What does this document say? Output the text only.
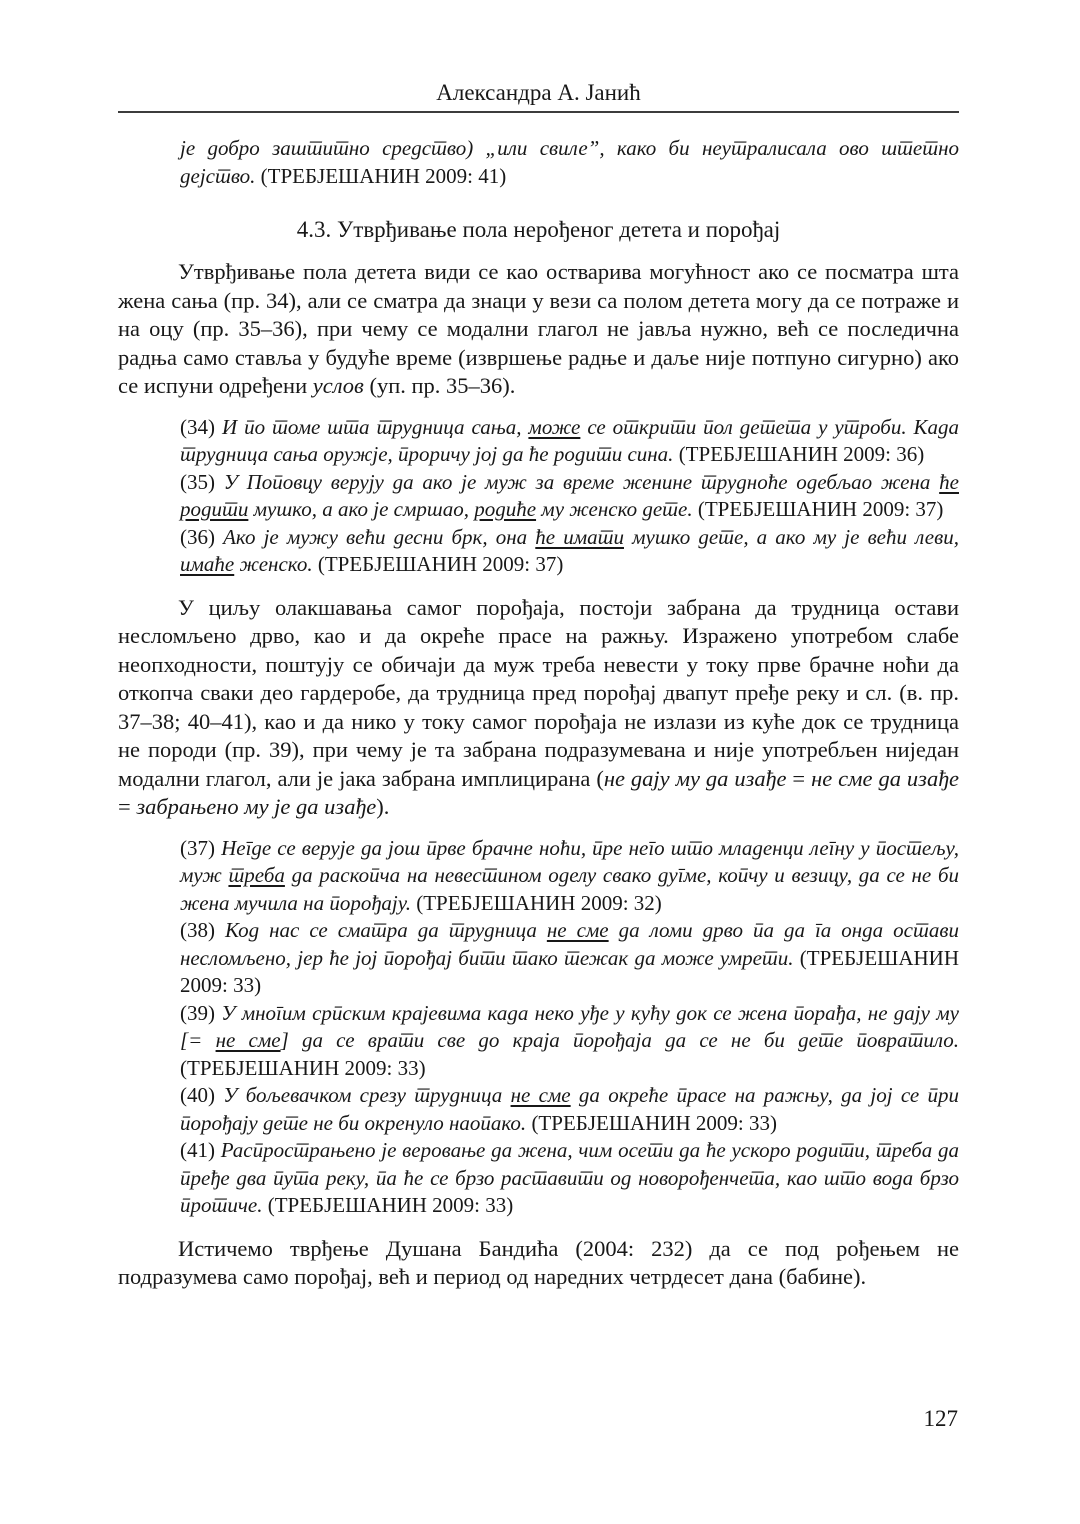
Александра А. Јанић
је добро заштитно средство) „или свиле”, како би неутралисала ово штетно дејство. (ТРЕБЈЕШАНИН 2009: 41)
4.3. Утврђивање пола нерођеног детета и порођај
Утврђивање пола детета види се као остварива могућност ако се посматра шта жена сања (пр. 34), али се сматра да знаци у вези са полом детета могу да се потраже и на оцу (пр. 35–36), при чему се модални глагол не јавља нужно, већ се последична радња само ставља у будуће време (извршење радње и даље није потпуно сигурно) ако се испуни одређени услов (уп. пр. 35–36).
(34) И по томе шта трудница сања, може се открити пол детета у утроби. Када трудница сања оружје, проричу јој да ће родити сина. (ТРЕБЈЕШАНИН 2009: 36)
(35) У Поповцу верују да ако је муж за време женине трудноће одебљао жена ће родити мушко, а ако је смршао, родиће му женско дете. (ТРЕБЈЕШАНИН 2009: 37)
(36) Ако је мужу већи десни брк, она ће имати мушко дете, а ако му је већи леви, имаће женско. (ТРЕБЈЕШАНИН 2009: 37)
У циљу олакшавања самог порођаја, постоји забрана да трудница остави несломљено дрво, као и да окреће прасе на ражњу. Изражено употребом слабе неопходности, поштују се обичаји да муж треба невести у току прве брачне ноћи да откопча сваки део гардеробе, да трудница пред порођај двапут пређе реку и сл. (в. пр. 37–38; 40–41), као и да нико у току самог порођаја не излази из куће док се трудница не породи (пр. 39), при чему је та забрана подразумевана и није употребљен ниједан модални глагол, али је јака забрана имплицирана (не дају му да изађе = не сме да изађе = забрањено му је да изађе).
(37) Негде се верује да још прве брачне ноћи, пре него што младенци легну у постељу, муж треба да раскопча на невестином оделу свако дугме, копчу и везицу, да се не би жена мучила на порођају. (ТРЕБЈЕШАНИН 2009: 32)
(38) Код нас се сматра да трудница не сме да ломи дрво па да га онда остави несломљено, јер ће јој порођај бити тако тежак да може умрети. (ТРЕБЈЕШАНИН 2009: 33)
(39) У многим српским крајевима када неко уђе у кућу док се жена порађа, не дају му [= не сме] да се врати све до краја порођаја да се не би дете повратило. (ТРЕБЈЕШАНИН 2009: 33)
(40) У бољевачком срезу трудница не сме да окреће прасе на ражњу, да јој се при порођају дете не би окренуло наопако. (ТРЕБЈЕШАНИН 2009: 33)
(41) Распрострањено је веровање да жена, чим осети да ће ускоро родити, треба да пређе два пута реку, па ће се брзо раставити од новорођенчета, као што вода брзо протиче. (ТРЕБЈЕШАНИН 2009: 33)
Истичемо тврђење Душана Бандића (2004: 232) да се под рођењем не подразумева само порођај, већ и период од наредних четрдесет дана (бабине).
127
